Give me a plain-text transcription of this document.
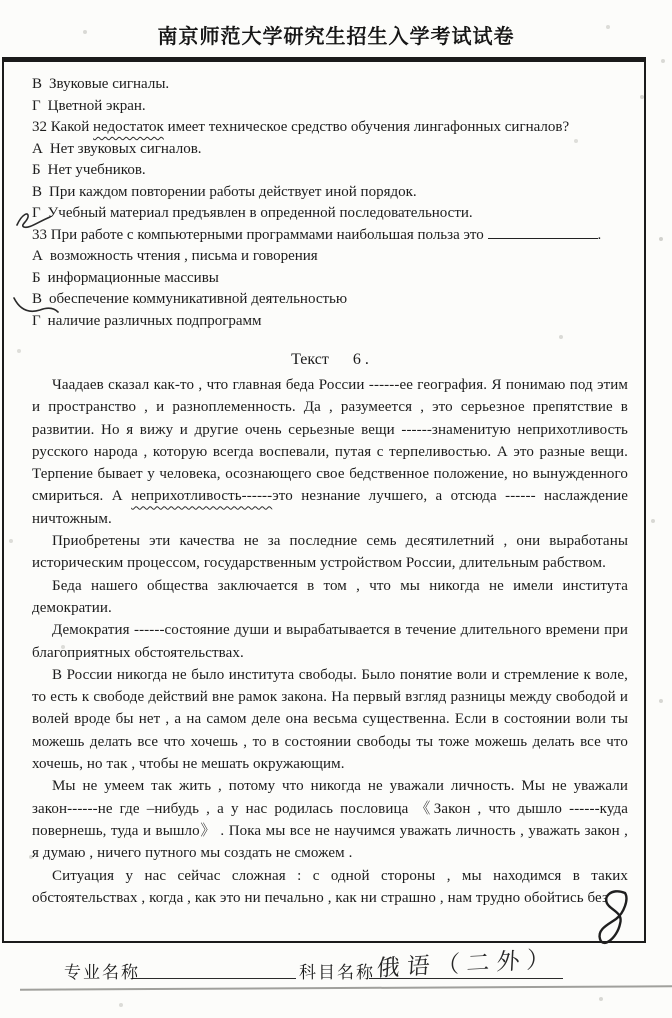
南京师范大学研究生招生入学考试试卷
В Звуковые сигналы.
Г Цветной экран.
32 Какой недостаток имеет техническое средство обучения лингафонных сигналов?
А Нет звуковых сигналов.
Б Нет учебников.
В При каждом повторении работы действует иной порядок.
Г Учебный материал предъявлен в опреденной последовательности.
33 При работе с компьютерными программами наибольшая польза это	.
А возможность чтения , письма и говорения
Б информационные массивы
В обеспечение коммуникативной деятельностью
Г наличие различных подпрограмм
Текст      6 .

Чаадаев сказал как-то , что главная беда России ------ее география. Я понимаю под этим и пространство , и разноплеменность. Да , разумеется , это серьезное препятствие в развитии. Но я вижу и другие очень серьезные вещи ------знаменитую неприхотливость русского народа , которую всегда воспевали, путая с терпеливостью. А это разные вещи. Терпение бывает у человека, осознающего свое бедственное положение, но вынужденного смириться. А неприхотливость------это незнание лучшего, а отсюда ------ наслаждение ничтожным.

Приобретены эти качества не за последние семь десятилетний , они выработаны историческим процессом, государственным устройством России, длительным рабством.

Беда нашего общества заключается в том , что мы никогда не имели института демократии.

Демократия ------состояние души и вырабатывается в течение длительного времени при благоприятных обстоятельствах.

В России никогда не было института свободы. Было понятие воли и стремление к воле, то есть к свободе действий вне рамок закона. На первый взгляд разницы между свободой и волей вроде бы нет , а на самом деле она весьма существенна. Если в состоянии воли ты можешь делать все что хочешь , то в состоянии свободы ты тоже можешь делать все что хочешь, но так , чтобы не мешать окружающим.

Мы не умеем так жить , потому что никогда не уважали личность. Мы не уважали закон------не где –нибудь , а у нас родилась пословица 《Закон , что дышло ------куда повернешь, туда и вышло》 . Пока мы все не научимся уважать личность , уважать закон , я думаю , ничего путного мы создать не сможем .

Ситуация у нас сейчас сложная : с одной стороны , мы находимся в таких обстоятельствах , когда , как это ни печально , как ни страшно , нам трудно обойтись без

专业名称	科目名称 俄语（二外）
